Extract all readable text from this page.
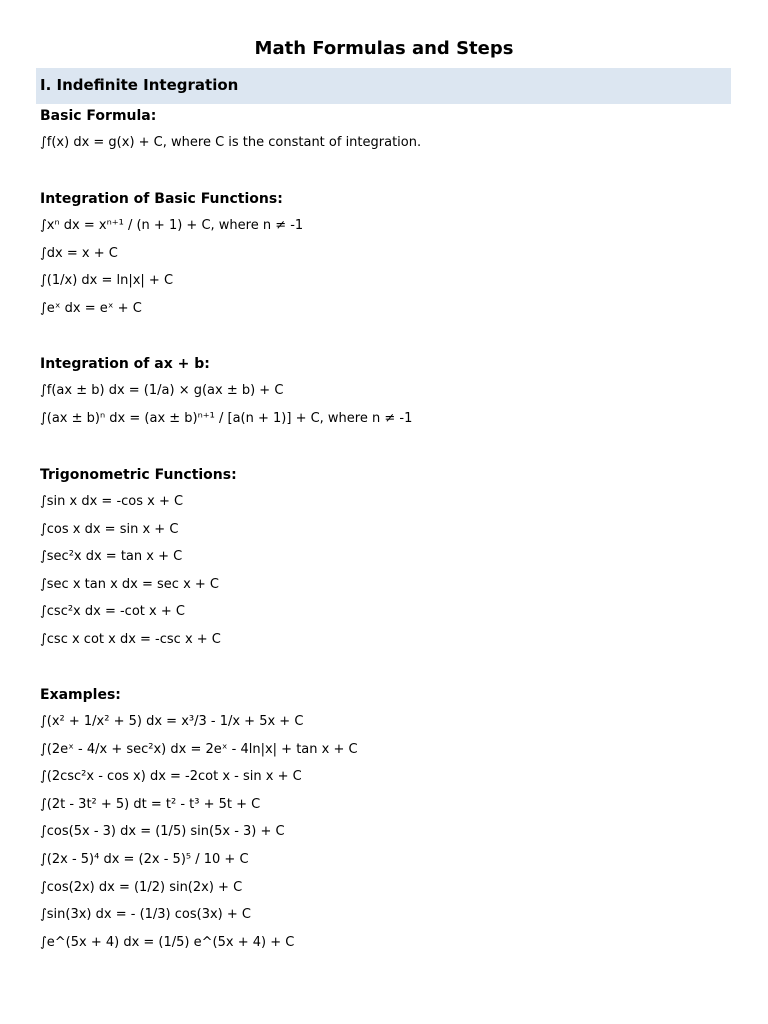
Math Formulas and Steps
I. Indefinite Integration
Basic Formula:
∫f(x) dx = g(x) + C, where C is the constant of integration.
Integration of Basic Functions:
∫xⁿ dx = xⁿ⁺¹ / (n + 1) + C, where n ≠ -1
∫dx = x + C
∫(1/x) dx = ln|x| + C
∫eˣ dx = eˣ + C
Integration of ax + b:
∫f(ax ± b) dx = (1/a) × g(ax ± b) + C
∫(ax ± b)ⁿ dx = (ax ± b)ⁿ⁺¹ / [a(n + 1)] + C, where n ≠ -1
Trigonometric Functions:
∫sin x dx = -cos x + C
∫cos x dx = sin x + C
∫sec²x dx = tan x + C
∫sec x tan x dx = sec x + C
∫csc²x dx = -cot x + C
∫csc x cot x dx = -csc x + C
Examples:
∫(x² + 1/x² + 5) dx = x³/3 - 1/x + 5x + C
∫(2eˣ - 4/x + sec²x) dx = 2eˣ - 4ln|x| + tan x + C
∫(2csc²x - cos x) dx = -2cot x - sin x + C
∫(2t - 3t² + 5) dt = t² - t³ + 5t + C
∫cos(5x - 3) dx = (1/5) sin(5x - 3) + C
∫(2x - 5)⁴ dx = (2x - 5)⁵ / 10 + C
∫cos(2x) dx = (1/2) sin(2x) + C
∫sin(3x) dx = - (1/3) cos(3x) + C
∫e^(5x + 4) dx = (1/5) e^(5x + 4) + C
